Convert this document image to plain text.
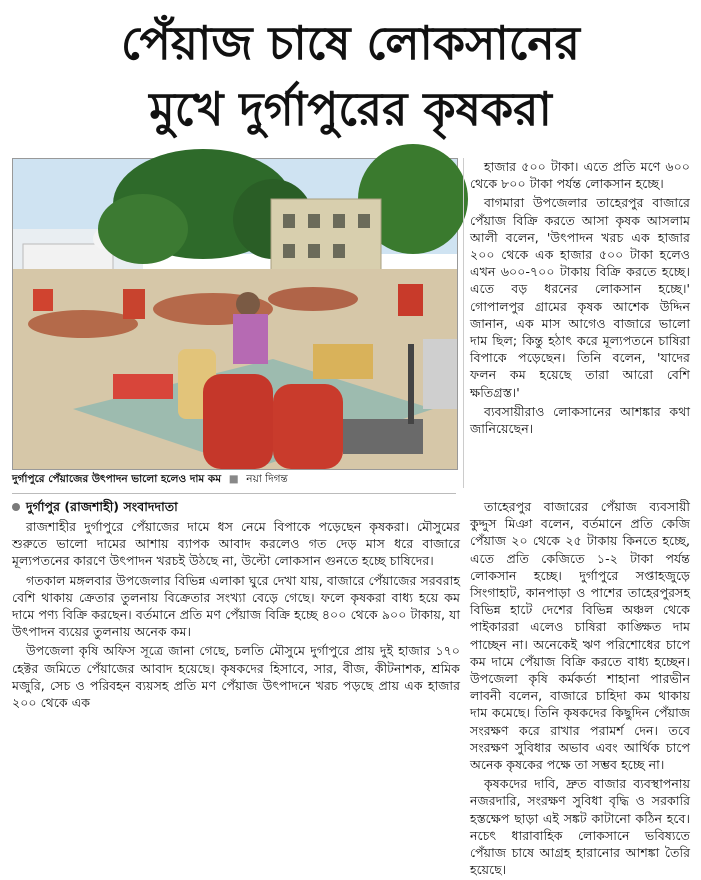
পেঁয়াজ চাষে লোকসানের
মুখে দুর্গাপুরের কৃষকরা
দুর্গাপুরে পেঁয়াজের উৎপাদন ভালো হলেও দাম কম ■ নয়া দিগন্ত

হাজার ৫০০ টাকা। এতে প্রতি মণে ৬০০ থেকে ৮০০ টাকা পর্যন্ত লোকসান হচ্ছে।

বাগমারা উপজেলার তাহেরপুর বাজারে পেঁয়াজ বিক্রি করতে আসা কৃষক আসলাম আলী বলেন, 'উৎপাদন খরচ এক হাজার ২০০ থেকে এক হাজার ৫০০ টাকা হলেও এখন ৬০০-৭০০ টাকায় বিক্রি করতে হচ্ছে। এতে বড় ধরনের লোকসান হচ্ছে।' গোপালপুর গ্রামের কৃষক আশেক উদ্দিন জানান, এক মাস আগেও বাজারে ভালো দাম ছিল; কিন্তু হঠাৎ করে মূল্যপতনে চাষিরা বিপাকে পড়েছেন। তিনি বলেন, 'যাদের ফলন কম হয়েছে তারা আরো বেশি ক্ষতিগ্রস্ত।'

ব্যবসায়ীরাও লোকসানের আশঙ্কার কথা জানিয়েছেন।

দুর্গাপুর (রাজশাহী) সংবাদদাতা

রাজশাহীর দুর্গাপুরে পেঁয়াজের দামে ধস নেমে বিপাকে পড়েছেন কৃষকরা। মৌসুমের শুরুতে ভালো দামের আশায় ব্যাপক আবাদ করলেও গত দেড় মাস ধরে বাজারে মূল্যপতনের কারণে উৎপাদন খরচই উঠছে না, উল্টো লোকসান গুনতে হচ্ছে চাষিদের।

গতকাল মঙ্গলবার উপজেলার বিভিন্ন এলাকা ঘুরে দেখা যায়, বাজারে পেঁয়াজের সরবরাহ বেশি থাকায় ক্রেতার তুলনায় বিক্রেতার সংখ্যা বেড়ে গেছে। ফলে কৃষকরা বাধ্য হয়ে কম দামে পণ্য বিক্রি করছেন। বর্তমানে প্রতি মণ পেঁয়াজ বিক্রি হচ্ছে ৪০০ থেকে ৯০০ টাকায়, যা উৎপাদন ব্যয়ের তুলনায় অনেক কম।

উপজেলা কৃষি অফিস সূত্রে জানা গেছে, চলতি মৌসুমে দুর্গাপুরে প্রায় দুই হাজার ১৭০ হেক্টর জমিতে পেঁয়াজের আবাদ হয়েছে। কৃষকদের হিসাবে, সার, বীজ, কীটনাশক, শ্রমিক মজুরি, সেচ ও পরিবহন ব্যয়সহ প্রতি মণ পেঁয়াজ উৎপাদনে খরচ পড়ছে প্রায় এক হাজার ২০০ থেকে এক

তাহেরপুর বাজারের পেঁয়াজ ব্যবসায়ী কুদ্দুস মিঞা বলেন, বর্তমানে প্রতি কেজি পেঁয়াজ ২০ থেকে ২৫ টাকায় কিনতে হচ্ছে, এতে প্রতি কেজিতে ১-২ টাকা পর্যন্ত লোকসান হচ্ছে। দুর্গাপুরে সপ্তাহজুড়ে সিংগাহাট, কানপাড়া ও পাশের তাহেরপুরসহ বিভিন্ন হাটে দেশের বিভিন্ন অঞ্চল থেকে পাইকাররা এলেও চাষিরা কাঙ্ক্ষিত দাম পাচ্ছেন না। অনেকেই ঋণ পরিশোধের চাপে কম দামে পেঁয়াজ বিক্রি করতে বাধ্য হচ্ছেন। উপজেলা কৃষি কর্মকর্তা শাহানা পারভীন লাবনী বলেন, বাজারে চাহিদা কম থাকায় দাম কমেছে। তিনি কৃষকদের কিছুদিন পেঁয়াজ সংরক্ষণ করে রাখার পরামর্শ দেন। তবে সংরক্ষণ সুবিধার অভাব এবং আর্থিক চাপে অনেক কৃষকের পক্ষে তা সম্ভব হচ্ছে না।

কৃষকদের দাবি, দ্রুত বাজার ব্যবস্থাপনায় নজরদারি, সংরক্ষণ সুবিধা বৃদ্ধি ও সরকারি হস্তক্ষেপ ছাড়া এই সঙ্কট কাটানো কঠিন হবে। নচেৎ ধারাবাহিক লোকসানে ভবিষ্যতে পেঁয়াজ চাষে আগ্রহ হারানোর আশঙ্কা তৈরি হয়েছে।
